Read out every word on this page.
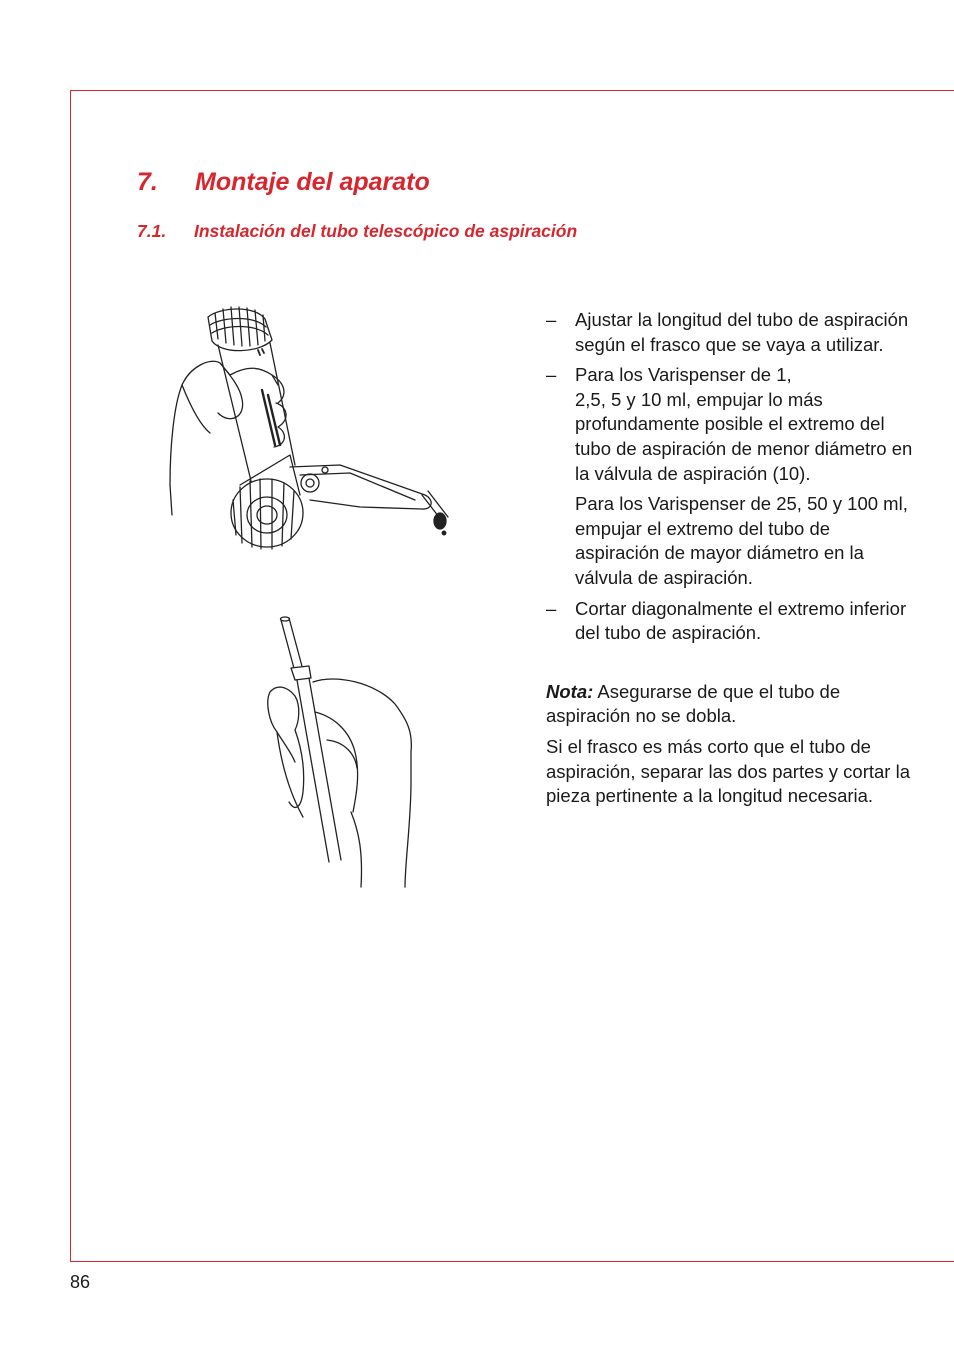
7. Montaje del aparato
7.1. Instalación del tubo telescópico de aspiración
– Ajustar la longitud del tubo de aspiración según el frasco que se vaya a utilizar.

– Para los Varispenser de 1,
2,5, 5 y 10 ml, empujar lo más profundamente posible el extremo del tubo de aspiración de menor diámetro en la válvula de aspiración (10).

Para los Varispenser de 25, 50 y 100 ml, empujar el extremo del tubo de aspiración de mayor diámetro en la válvula de aspiración.

– Cortar diagonalmente el extremo inferior del tubo de aspiración.

Nota: Asegurarse de que el tubo de aspiración no se dobla.

Si el frasco es más corto que el tubo de aspiración, separar las dos partes y cortar la pieza pertinente a la longitud necesaria.

86
